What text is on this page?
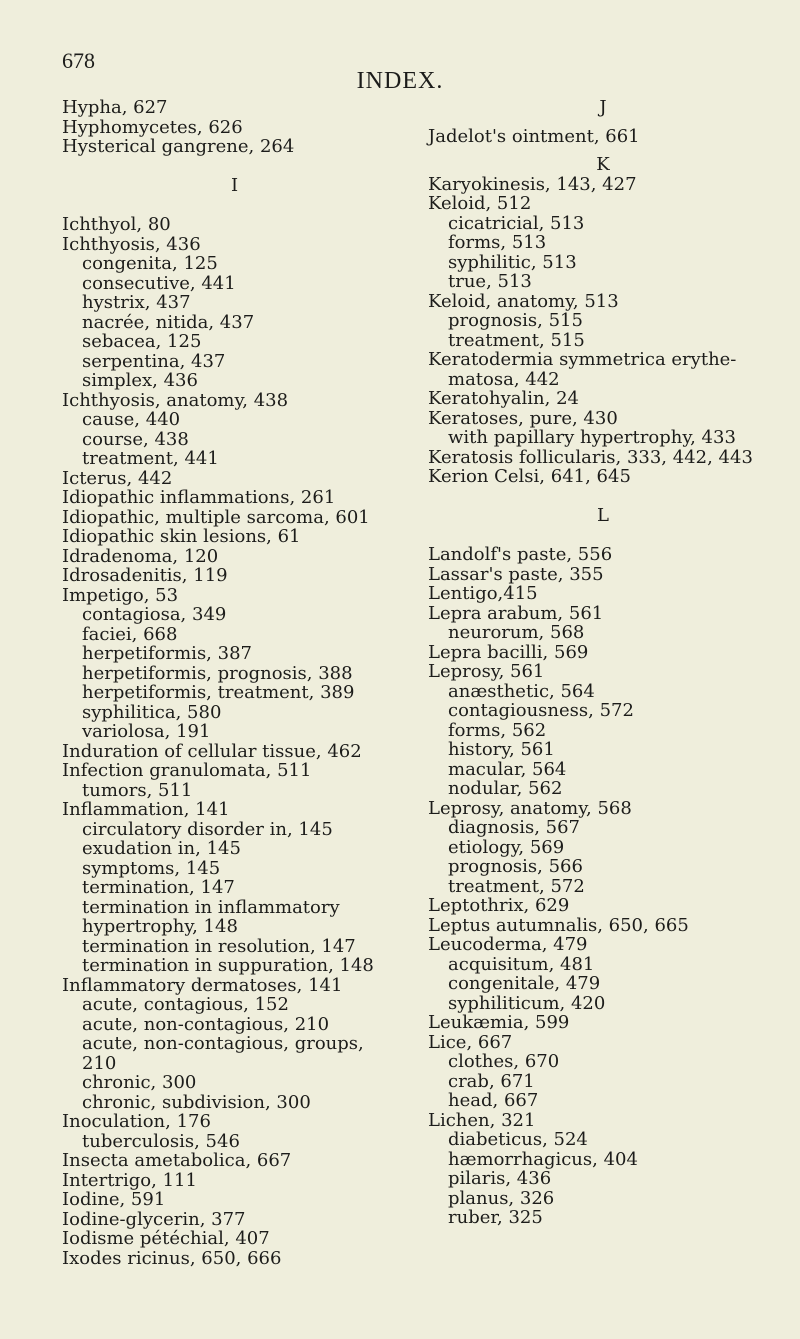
678
INDEX.
Hypha, 627
Hyphomycetes, 626
Hysterical gangrene, 264
I
Ichthyol, 80
Ichthyosis, 436
congenita, 125
consecutive, 441
hystrix, 437
nacrée, nitida, 437
sebacea, 125
serpentina, 437
simplex, 436
Ichthyosis, anatomy, 438
cause, 440
course, 438
treatment, 441
Icterus, 442
Idiopathic inflammations, 261
Idiopathic, multiple sarcoma, 601
Idiopathic skin lesions, 61
Idradenoma, 120
Idrosadenitis, 119
Impetigo, 53
contagiosa, 349
faciei, 668
herpetiformis, 387
herpetiformis, prognosis, 388
herpetiformis, treatment, 389
syphilitica, 580
variolosa, 191
Induration of cellular tissue, 462
Infection granulomata, 511
tumors, 511
Inflammation, 141
circulatory disorder in, 145
exudation in, 145
symptoms, 145
termination, 147
termination in inflammatory
hypertrophy, 148
termination in resolution, 147
termination in suppuration, 148
Inflammatory dermatoses, 141
acute, contagious, 152
acute, non-contagious, 210
acute, non-contagious, groups,
210
chronic, 300
chronic, subdivision, 300
Inoculation, 176
tuberculosis, 546
Insecta ametabolica, 667
Intertrigo, 111
Iodine, 591
Iodine-glycerin, 377
Iodisme pétéchial, 407
Ixodes ricinus, 650, 666
J
Jadelot's ointment, 661
K
Karyokinesis, 143, 427
Keloid, 512
cicatricial, 513
forms, 513
syphilitic, 513
true, 513
Keloid, anatomy, 513
prognosis, 515
treatment, 515
Keratodermia symmetrica erythe-
matosa, 442
Keratohyalin, 24
Keratoses, pure, 430
with papillary hypertrophy, 433
Keratosis follicularis, 333, 442, 443
Kerion Celsi, 641, 645
L
Landolf's paste, 556
Lassar's paste, 355
Lentigo,415
Lepra arabum, 561
neurorum, 568
Lepra bacilli, 569
Leprosy, 561
anæsthetic, 564
contagiousness, 572
forms, 562
history, 561
macular, 564
nodular, 562
Leprosy, anatomy, 568
diagnosis, 567
etiology, 569
prognosis, 566
treatment, 572
Leptothrix, 629
Leptus autumnalis, 650, 665
Leucoderma, 479
acquisitum, 481
congenitale, 479
syphiliticum, 420
Leukæmia, 599
Lice, 667
clothes, 670
crab, 671
head, 667
Lichen, 321
diabeticus, 524
hæmorrhagicus, 404
pilaris, 436
planus, 326
ruber, 325
